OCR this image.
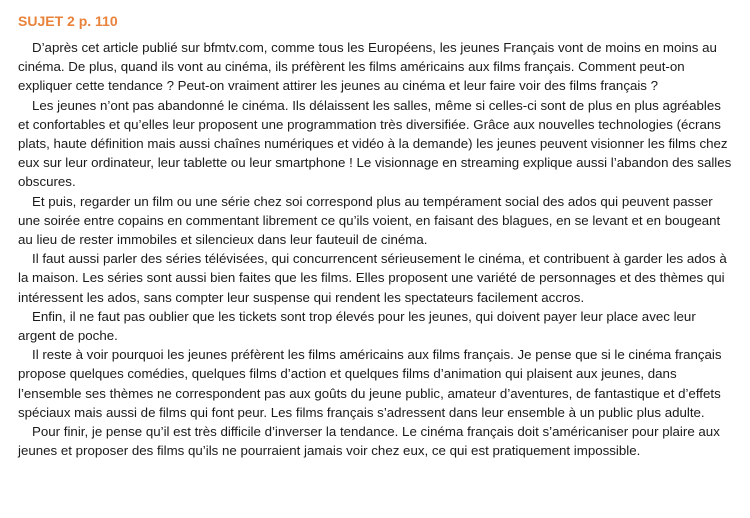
SUJET 2 p. 110

D’après cet article publié sur bfmtv.com, comme tous les Européens, les jeunes Français vont de moins en moins au cinéma. De plus, quand ils vont au cinéma, ils préfèrent les films américains aux films français. Comment peut-on expliquer cette tendance ? Peut-on vraiment attirer les jeunes au cinéma et leur faire voir des films français ?

Les jeunes n’ont pas abandonné le cinéma. Ils délaissent les salles, même si celles-ci sont de plus en plus agréables et confortables et qu’elles leur proposent une programmation très diversifiée. Grâce aux nouvelles technologies (écrans plats, haute définition mais aussi chaînes numériques et vidéo à la demande) les jeunes peuvent visionner les films chez eux sur leur ordinateur, leur tablette ou leur smartphone ! Le visionnage en streaming explique aussi l’abandon des salles obscures.

Et puis, regarder un film ou une série chez soi correspond plus au tempérament social des ados qui peuvent passer une soirée entre copains en commentant librement ce qu’ils voient, en faisant des blagues, en se levant et en bougeant au lieu de rester immobiles et silencieux dans leur fauteuil de cinéma.

Il faut aussi parler des séries télévisées, qui concurrencent sérieusement le cinéma, et contribuent à garder les ados à la maison. Les séries sont aussi bien faites que les films. Elles proposent une variété de personnages et des thèmes qui intéressent les ados, sans compter leur suspense qui rendent les spectateurs facilement accros.

Enfin, il ne faut pas oublier que les tickets sont trop élevés pour les jeunes, qui doivent payer leur place avec leur argent de poche.

Il reste à voir pourquoi les jeunes préfèrent les films américains aux films français. Je pense que si le cinéma français propose quelques comédies, quelques films d’action et quelques films d’animation qui plaisent aux jeunes, dans l’ensemble ses thèmes ne correspondent pas aux goûts du jeune public, amateur d’aventures, de fantastique et d’effets spéciaux mais aussi de films qui font peur. Les films français s’adressent dans leur ensemble à un public plus adulte.

Pour finir, je pense qu’il est très difficile d’inverser la tendance. Le cinéma français doit s’américaniser pour plaire aux jeunes et proposer des films qu’ils ne pourraient jamais voir chez eux, ce qui est pratiquement impossible.
